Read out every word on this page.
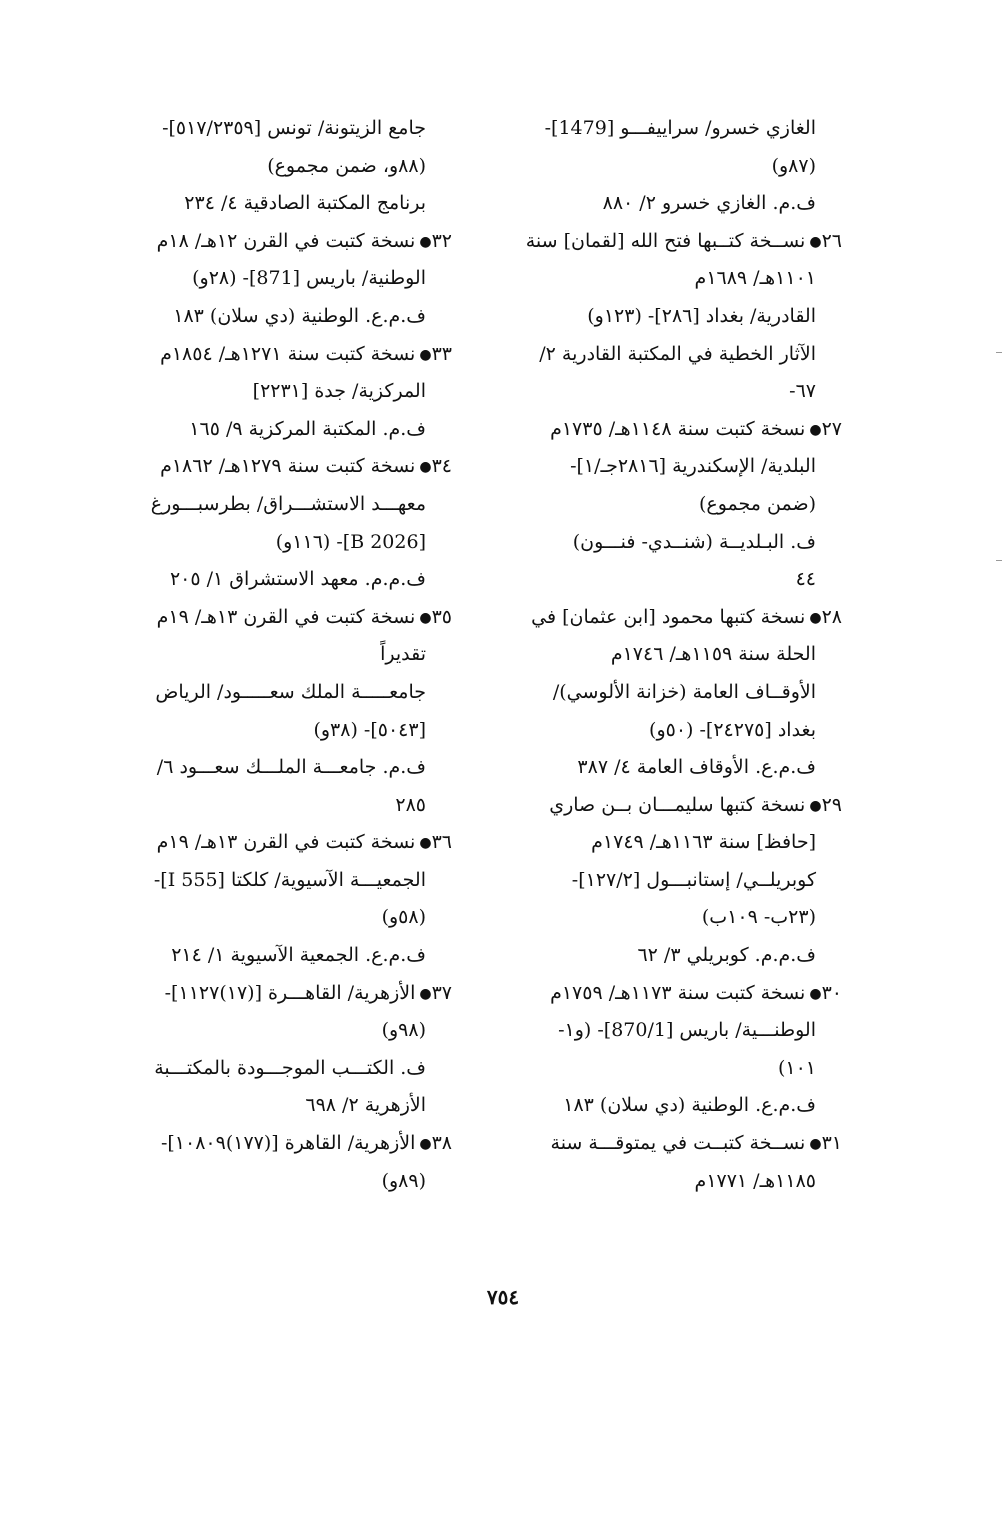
الغازي خسرو/ سراييفـــو [1479]-
(٨٧و)
ف.م. الغازي خسرو ٢/ ٨٨٠
٢٦●نســخة كتــبها فتح الله [لقمان] سنة
١١٠١هـ/ ١٦٨٩م
القادرية/ بغداد [٢٨٦]- (١٢٣و)
الآثار الخطية في المكتبة القادرية ٢/
٦٧-
٢٧●نسخة كتبت سنة ١١٤٨هـ/ ١٧٣٥م
البلدية/ الإسكندرية [٢٨١٦جـ/١]-
(ضمن مجموع)
ف. البـلديــة (شنــدي- فنـــون)
٤٤
٢٨●نسخة كتبها محمود [ابن عثمان] في
الحلة سنة ١١٥٩هـ/ ١٧٤٦م
الأوقــاف العامة (خزانة الألوسي)/
بغداد [٢٤٢٧٥]- (٥٠و)
ف.م.ع. الأوقاف العامة ٤/ ٣٨٧
٢٩●نسخة كتبها سليمـــان بــن صاري
[حافظ] سنة ١١٦٣هـ/ ١٧٤٩م
كوبريلــي/ إستانبـــول [١٢٧/٢]-
(٢٣ب- ١٠٩ب)
ف.م.م. كوبريلي ٣/ ٦٢
٣٠●نسخة كتبت سنة ١١٧٣هـ/ ١٧٥٩م
الوطنـــية/ باريس [870/1]- (و١-
١٠١)
ف.م.ع. الوطنية (دي سلان) ١٨٣
٣١●نســخة كتبــت في يمتوقـــة سنة
١١٨٥هـ/ ١٧٧١م
جامع الزيتونة/ تونس [٥١٧/٢٣٥٩]-
(٨٨و، ضمن مجموع)
برنامج المكتبة الصادقية ٤/ ٢٣٤
٣٢●نسخة كتبت في القرن ١٢هـ/ ١٨م
الوطنية/ باريس [871]- (٢٨و)
ف.م.ع. الوطنية (دي سلان) ١٨٣
٣٣●نسخة كتبت سنة ١٢٧١هـ/ ١٨٥٤م
المركزية/ جدة [٢٢٣١]
ف.م. المكتبة المركزية ٩/ ١٦٥
٣٤●نسخة كتبت سنة ١٢٧٩هـ/ ١٨٦٢م
معهـــد الاستشـــراق/ بطرسبـــورغ
[B 2026]- (١١٦و)
ف.م.م. معهد الاستشراق ١/ ٢٠٥
٣٥●نسخة كتبت في القرن ١٣هـ/ ١٩م
تقديراً
جامعـــــة الملك سعـــــود/ الرياض
[٥٠٤٣]- (٣٨و)
ف.م. جامعـــة الملـــك سعـــود ٦/
٢٨٥
٣٦●نسخة كتبت في القرن ١٣هـ/ ١٩م
الجمعيـــة الآسيوية/ كلكتا [I 555]-
(٥٨و)
ف.م.ع. الجمعية الآسيوية ١/ ٢١٤
٣٧●الأزهرية/ القاهـــرة [(١٧)١١٢٧]-
(٩٨و)
ف. الكتـــب الموجـــودة بالمكتـــبة
الأزهرية ٢/ ٦٩٨
٣٨●الأزهرية/ القاهرة [(١٧٧)١٠٨٠٩]-
(٨٩و)
٧٥٤
